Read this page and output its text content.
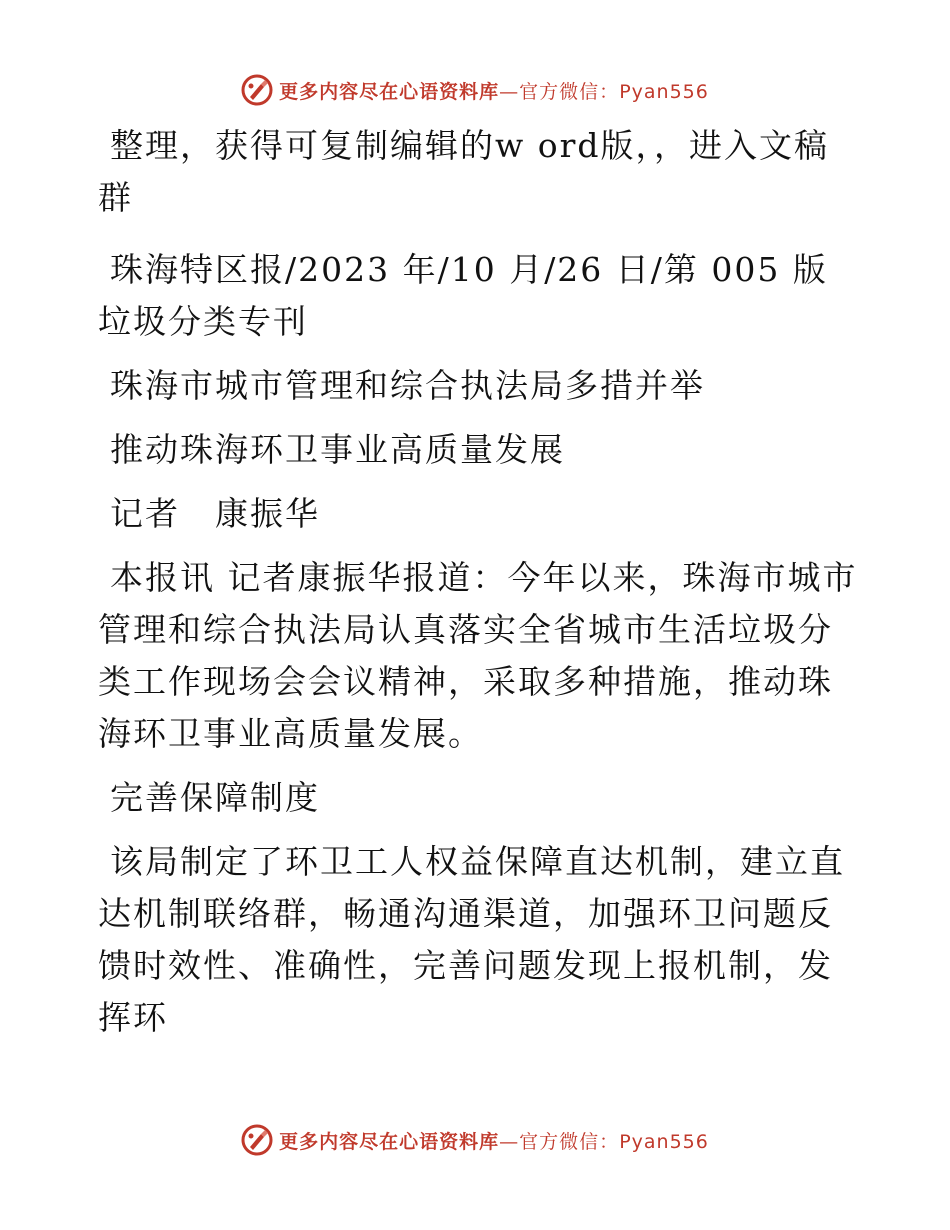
更多内容尽在心语资料库—官方微信：Pyan556

整理，获得可复制编辑的w ord版，，进入文稿群

珠海特区报/2023 年/10 月/26 日/第 005 版垃圾分类专刊

珠海市城市管理和综合执法局多措并举

推动珠海环卫事业高质量发展

记者　康振华

本报讯 记者康振华报道：今年以来，珠海市城市管理和综合执法局认真落实全省城市生活垃圾分类工作现场会会议精神，采取多种措施，推动珠海环卫事业高质量发展。

完善保障制度

该局制定了环卫工人权益保障直达机制，建立直达机制联络群，畅通沟通渠道，加强环卫问题反馈时效性、准确性，完善问题发现上报机制，发挥环

更多内容尽在心语资料库—官方微信：Pyan556
